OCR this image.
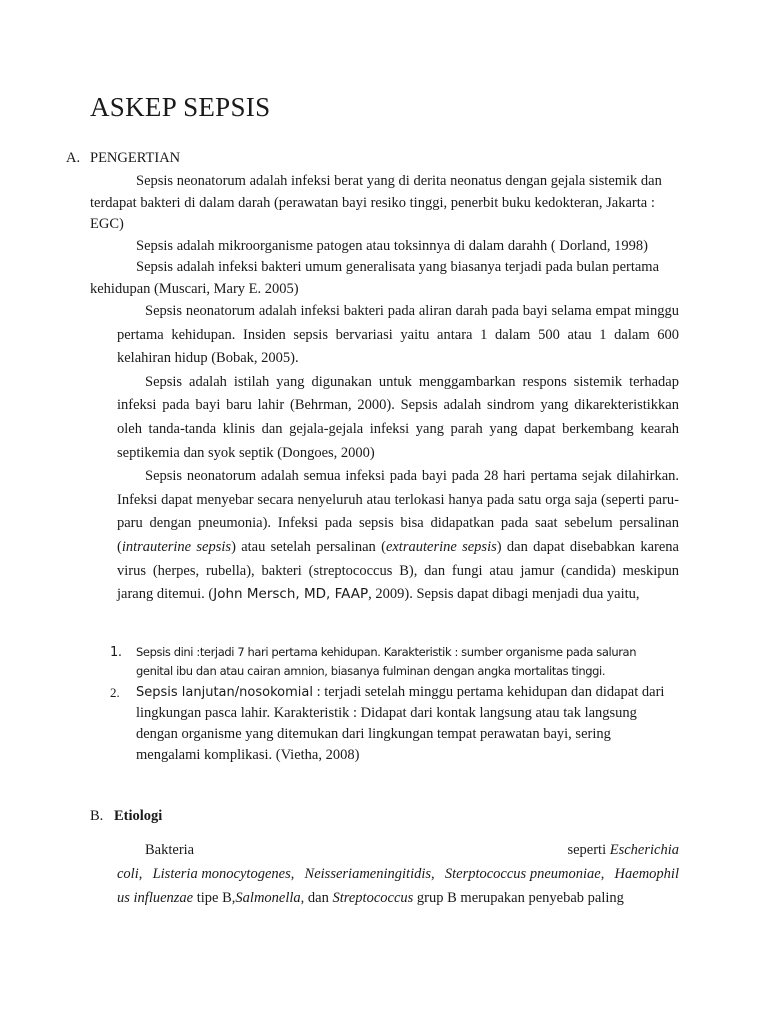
ASKEP SEPSIS
A. PENGERTIAN

Sepsis neonatorum adalah infeksi berat yang di derita neonatus dengan gejala sistemik dan terdapat bakteri di dalam darah (perawatan bayi resiko tinggi, penerbit buku kedokteran, Jakarta : EGC)

Sepsis adalah mikroorganisme patogen atau toksinnya di dalam darahh ( Dorland, 1998)

Sepsis adalah infeksi bakteri umum generalisata yang biasanya terjadi pada bulan pertama kehidupan (Muscari, Mary E. 2005)

Sepsis neonatorum adalah infeksi bakteri pada aliran darah pada bayi selama empat minggu pertama kehidupan. Insiden sepsis bervariasi yaitu antara 1 dalam 500 atau 1 dalam 600 kelahiran hidup (Bobak, 2005).

Sepsis adalah istilah yang digunakan untuk menggambarkan respons sistemik terhadap infeksi pada bayi baru lahir (Behrman, 2000). Sepsis adalah sindrom yang dikarekteristikkan oleh tanda-tanda klinis dan gejala-gejala infeksi yang parah yang dapat berkembang kearah septikemia dan syok septik (Dongoes, 2000)

Sepsis neonatorum adalah semua infeksi pada bayi pada 28 hari pertama sejak dilahirkan. Infeksi dapat menyebar secara nenyeluruh atau terlokasi hanya pada satu orga saja (seperti paru-paru dengan pneumonia). Infeksi pada sepsis bisa didapatkan pada saat sebelum persalinan (intrauterine sepsis) atau setelah persalinan (extrauterine sepsis) dan dapat disebabkan karena virus (herpes, rubella), bakteri (streptococcus B), dan fungi atau jamur (candida) meskipun jarang ditemui. (John Mersch, MD, FAAP, 2009). Sepsis dapat dibagi menjadi dua yaitu,

1. Sepsis dini :terjadi 7 hari pertama kehidupan. Karakteristik : sumber organisme pada saluran genital ibu dan atau cairan amnion, biasanya fulminan dengan angka mortalitas tinggi.
2. Sepsis lanjutan/nosokomial : terjadi setelah minggu pertama kehidupan dan didapat dari lingkungan pasca lahir. Karakteristik : Didapat dari kontak langsung atau tak langsung dengan organisme yang ditemukan dari lingkungan tempat perawatan bayi, sering mengalami komplikasi. (Vietha, 2008)
B. Etiologi
Bakteria	seperti Escherichia
coli, Listeria monocytogenes, Neisseriameningitidis, Sterptococcus pneumoniae, Haemophil
us influenzae tipe B,Salmonella, dan Streptococcus grup B merupakan penyebab paling
